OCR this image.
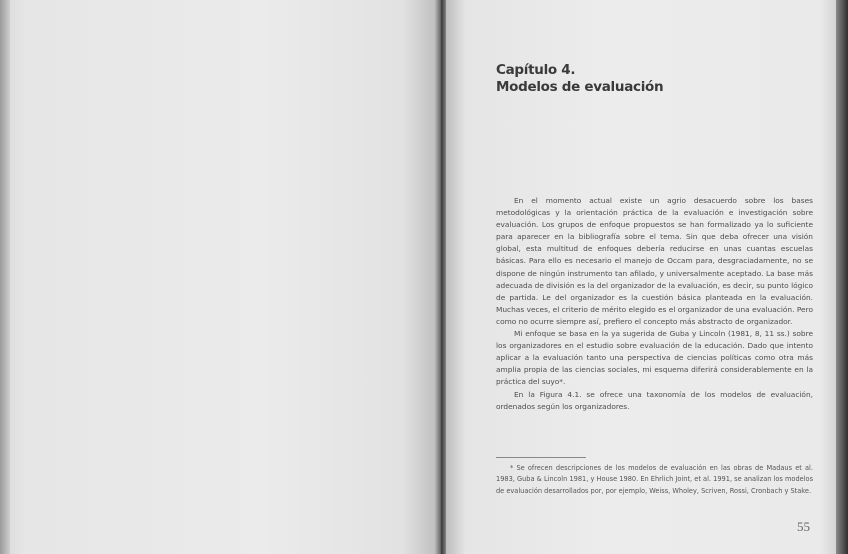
Capítulo 4.
Modelos de evaluación

En el momento actual existe un agrio desacuerdo sobre los bases metodológicas y la orientación práctica de la evaluación e investigación sobre evaluación. Los grupos de enfoque propuestos se han formalizado ya lo suficiente para aparecer en la bibliografía sobre el tema. Sin que deba ofrecer una visión global, esta multitud de enfoques debería reducirse en unas cuantas escuelas básicas. Para ello es necesario el manejo de Occam para, desgraciadamente, no se dispone de ningún instrumento tan afilado, y universalmente aceptado. La base más adecuada de división es la del organizador de la evaluación, es decir, su punto lógico de partida. Le del organizador es la cuestión básica planteada en la evaluación. Muchas veces, el criterio de mérito elegido es el organizador de una evaluación. Pero como no ocurre siempre así, prefiero el concepto más abstracto de organizador.

Mi enfoque se basa en la ya sugerida de Guba y Lincoln (1981, 8, 11 ss.) sobre los organizadores en el estudio sobre evaluación de la educación. Dado que intento aplicar a la evaluación tanto una perspectiva de ciencias políticas como otra más amplia propia de las ciencias sociales, mi esquema diferirá considerablemente en la práctica del suyo*.

En la Figura 4.1. se ofrece una taxonomía de los modelos de evaluación, ordenados según los organizadores.

* Se ofrecen descripciones de los modelos de evaluación en las obras de Madaus et al. 1983, Guba & Lincoln 1981, y House 1980. En Ehrlich Joint, et al. 1991, se analizan los modelos de evaluación desarrollados por, por ejemplo, Weiss, Wholey, Scriven, Rossi, Cronbach y Stake.
55
